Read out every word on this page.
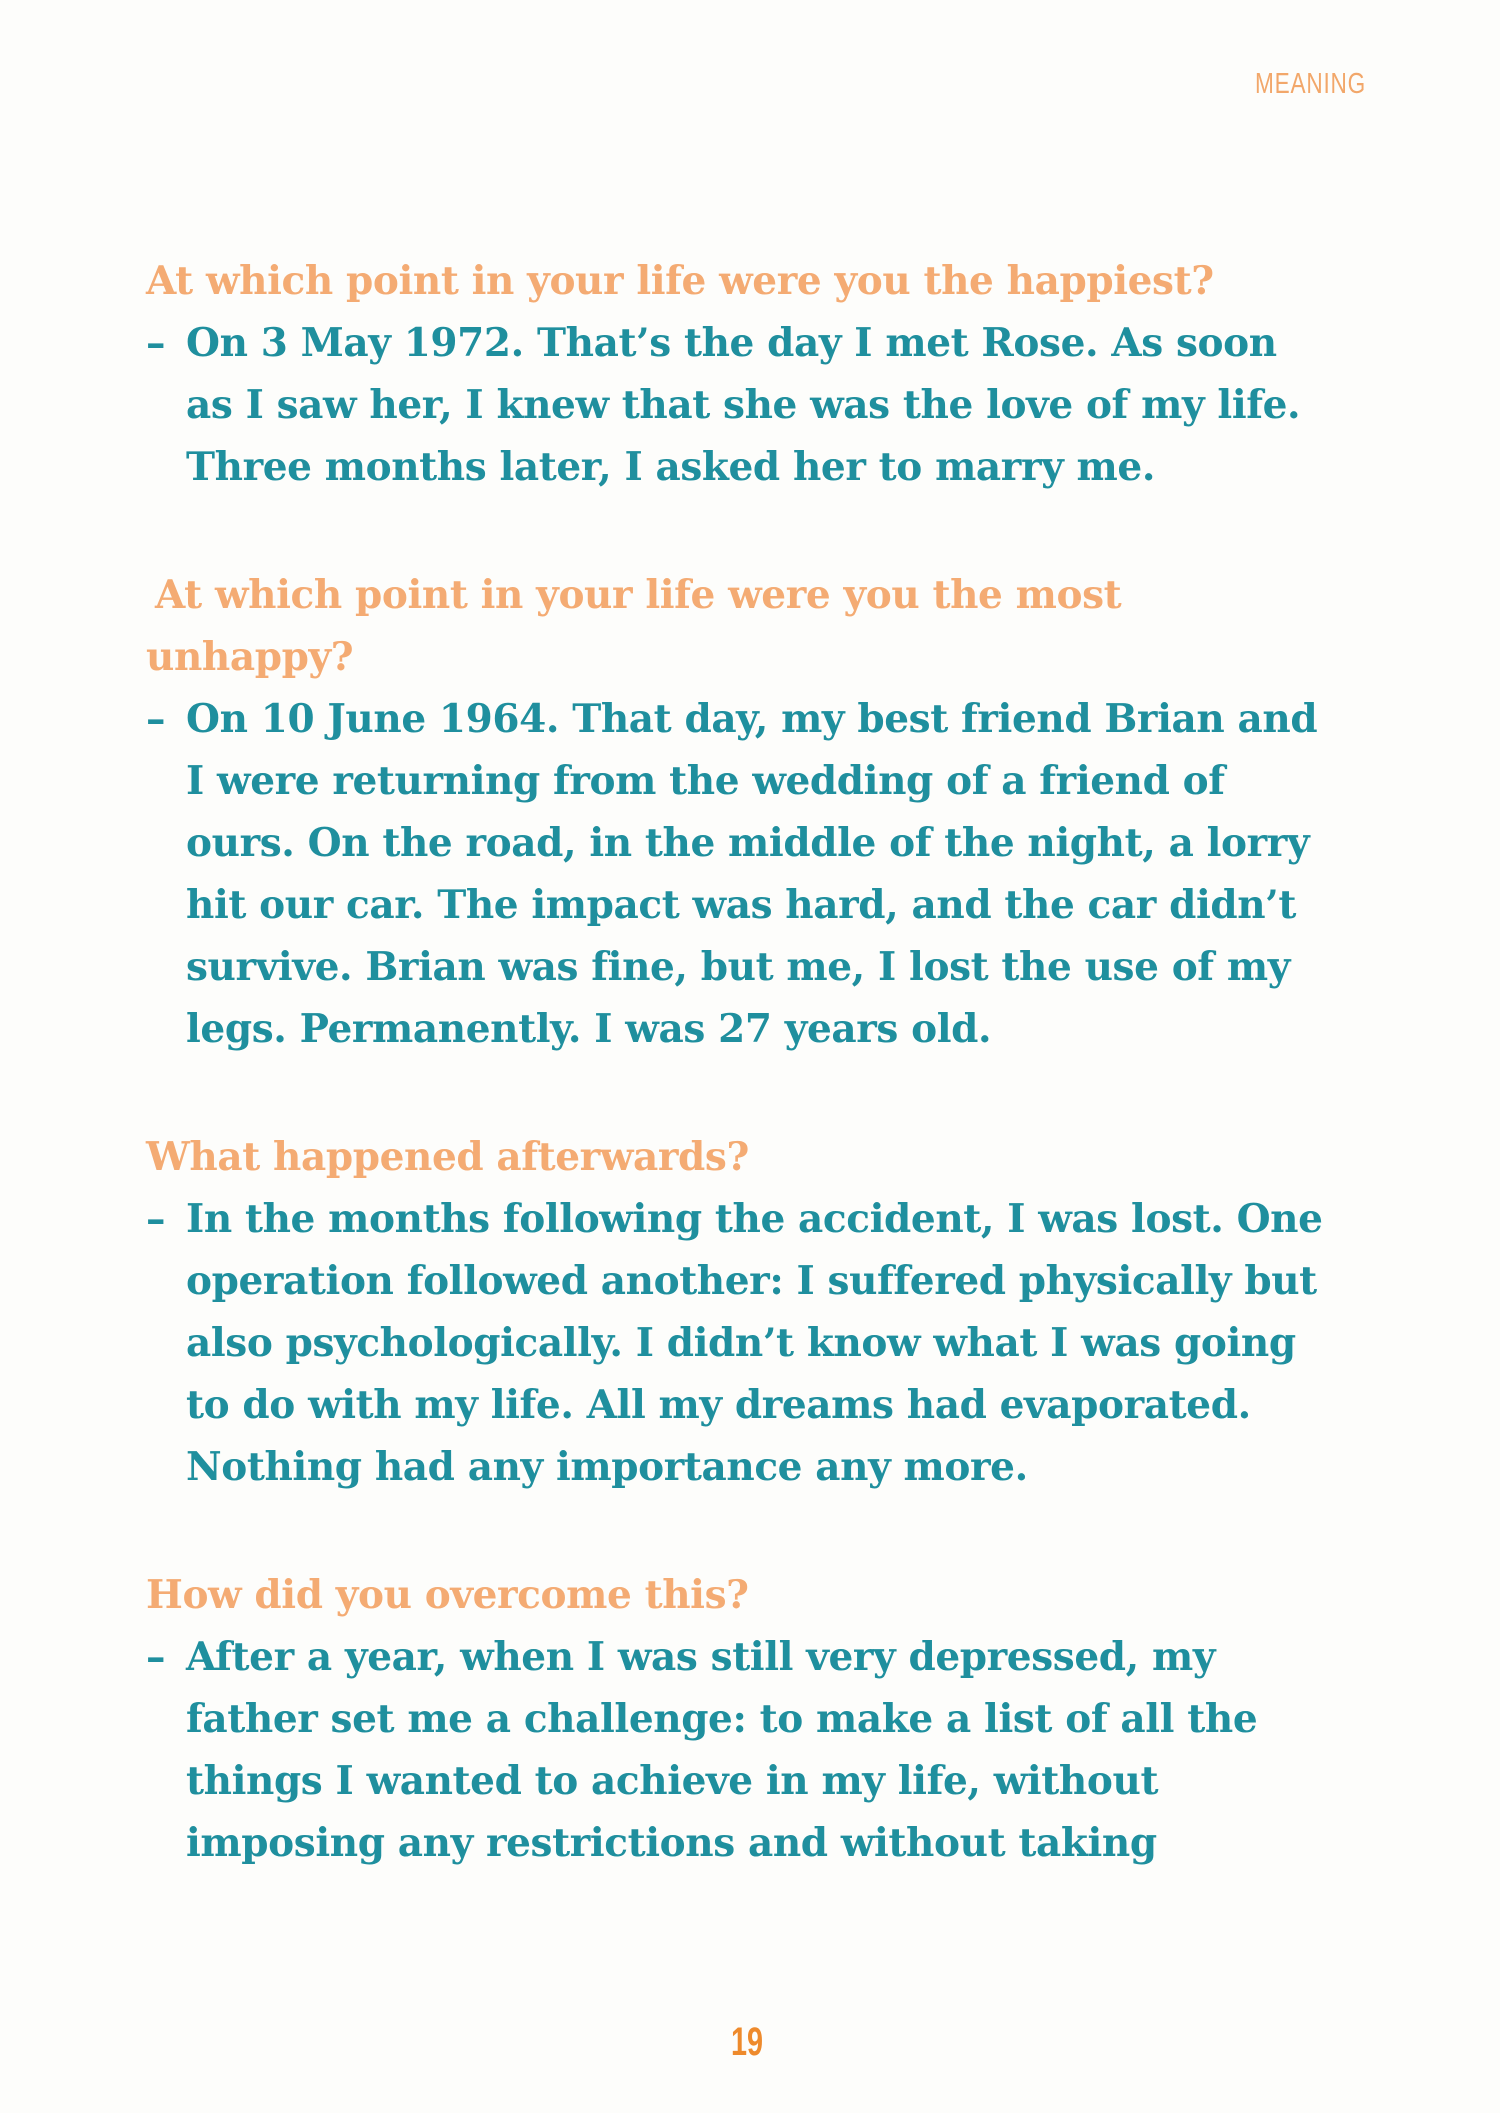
MEANING
At which point in your life were you the happiest?
– On 3 May 1972. That’s the day I met Rose. As soon
as I saw her, I knew that she was the love of my life.
Three months later, I asked her to marry me.
At which point in your life were you the most
unhappy?
– On 10 June 1964. That day, my best friend Brian and
I were returning from the wedding of a friend of
ours. On the road, in the middle of the night, a lorry
hit our car. The impact was hard, and the car didn’t
survive. Brian was fine, but me, I lost the use of my
legs. Permanently. I was 27 years old.
What happened afterwards?
– In the months following the accident, I was lost. One
operation followed another: I suffered physically but
also psychologically. I didn’t know what I was going
to do with my life. All my dreams had evaporated.
Nothing had any importance any more.
How did you overcome this?
– After a year, when I was still very depressed, my
father set me a challenge: to make a list of all the
things I wanted to achieve in my life, without
imposing any restrictions and without taking
19
